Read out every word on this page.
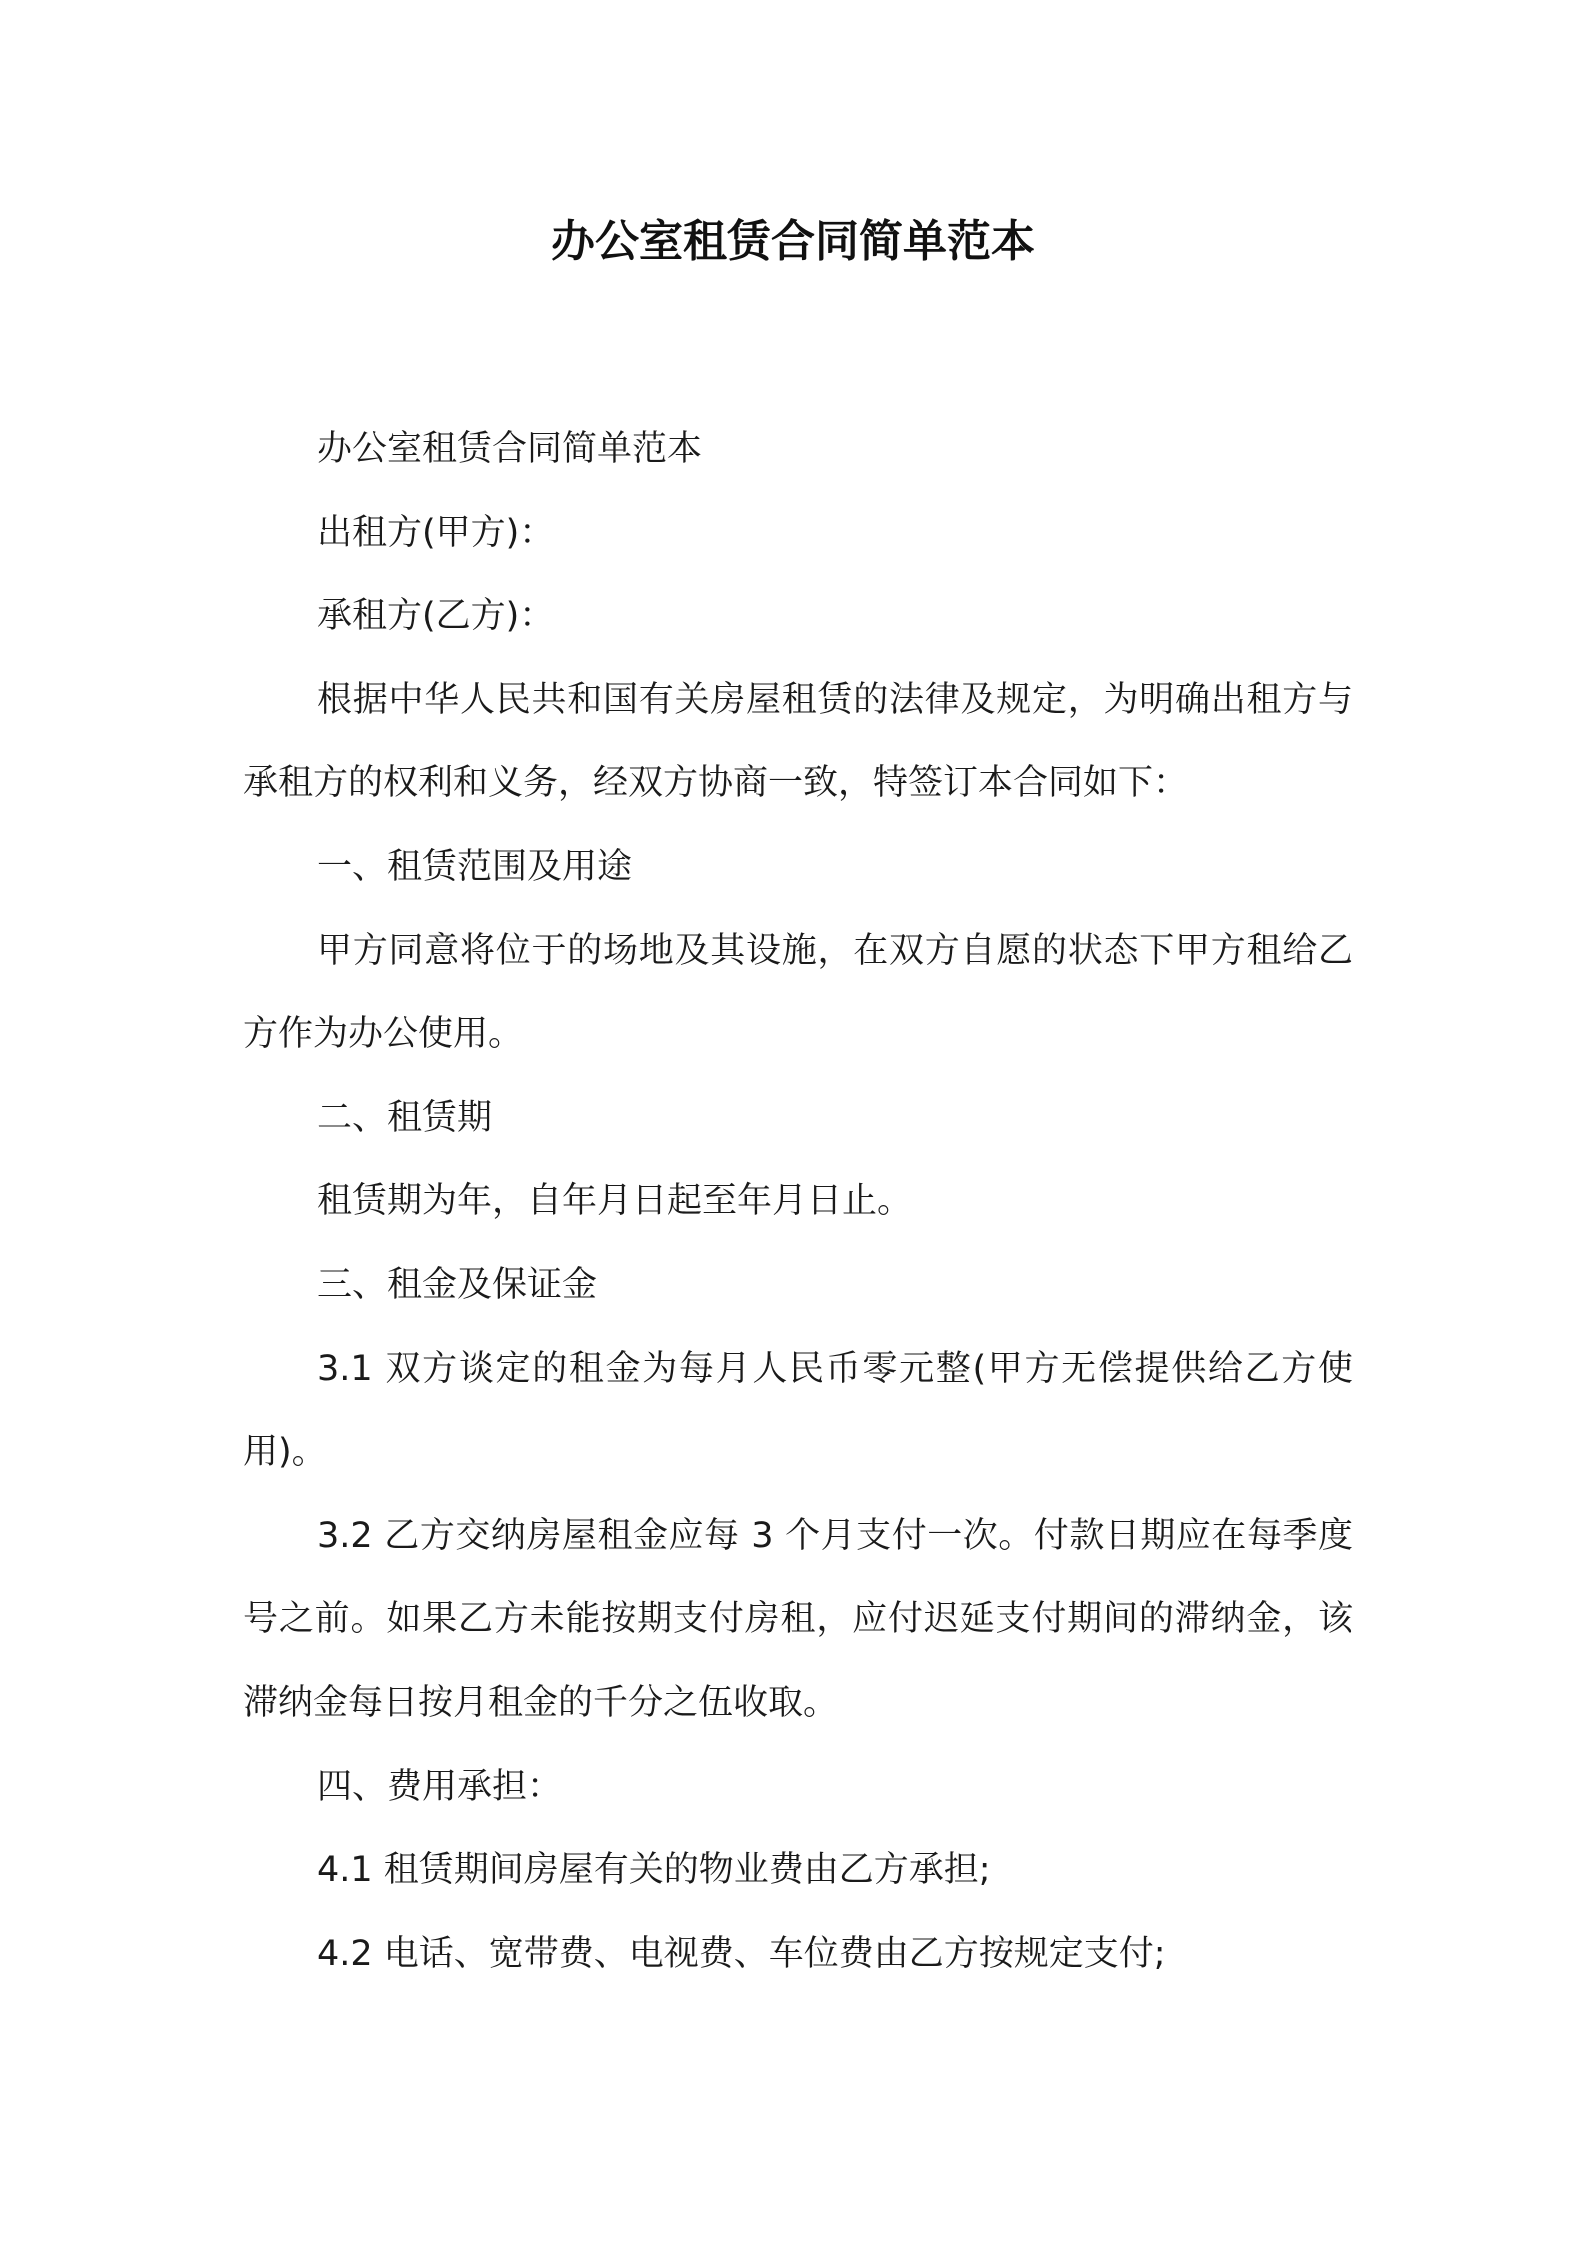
办公室租赁合同简单范本

办公室租赁合同简单范本

出租方(甲方)：

承租方(乙方)：

根据中华人民共和国有关房屋租赁的法律及规定，为明确出租方与承租方的权利和义务，经双方协商一致，特签订本合同如下：

一、租赁范围及用途

甲方同意将位于的场地及其设施，在双方自愿的状态下甲方租给乙方作为办公使用。

二、租赁期

租赁期为年，自年月日起至年月日止。

三、租金及保证金

3.1 双方谈定的租金为每月人民币零元整(甲方无偿提供给乙方使用)。

3.2 乙方交纳房屋租金应每 3 个月支付一次。付款日期应在每季度号之前。如果乙方未能按期支付房租，应付迟延支付期间的滞纳金，该滞纳金每日按月租金的千分之伍收取。

四、费用承担：

4.1 租赁期间房屋有关的物业费由乙方承担;

4.2 电话、宽带费、电视费、车位费由乙方按规定支付;
